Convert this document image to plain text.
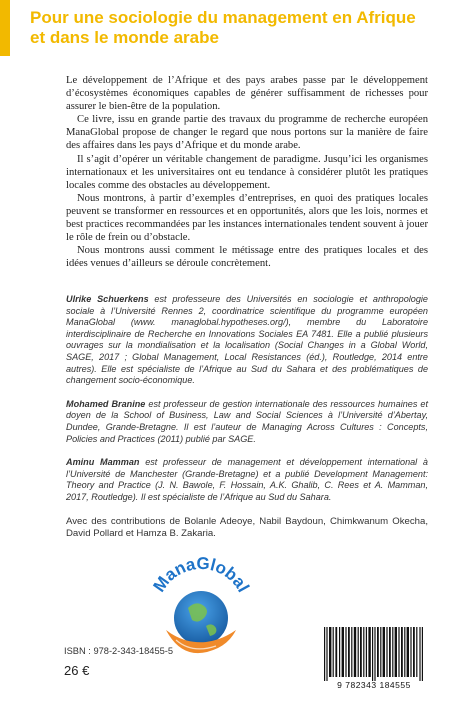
Pour une sociologie du management en Afrique et dans le monde arabe

Le développement de l’Afrique et des pays arabes passe par le développement d’écosystèmes économiques capables de générer suffisamment de richesses pour assurer le bien-être de la population.

Ce livre, issu en grande partie des travaux du programme de recherche européen ManaGlobal propose de changer le regard que nous portons sur la manière de faire des affaires dans les pays d’Afrique et du monde arabe.

Il s’agit d’opérer un véritable changement de paradigme. Jusqu’ici les organismes internationaux et les universitaires ont eu tendance à considérer plutôt les pratiques locales comme des obstacles au développement.

Nous montrons, à partir d’exemples d’entreprises, en quoi des pratiques locales peuvent se transformer en ressources et en opportunités, alors que les lois, normes et best practices recommandées par les instances internationales tendent souvent à jouer le rôle de frein ou d’obstacle.

Nous montrons aussi comment le métissage entre des pratiques locales et des idées venues d’ailleurs se déroule concrètement.

Ulrike Schuerkens est professeure des Universités en sociologie et anthropologie sociale à l’Université Rennes 2, coordinatrice scientifique du programme européen ManaGlobal (www. managlobal.hypotheses.org/), membre du Laboratoire interdisciplinaire de Recherche en Innovations Sociales EA 7481. Elle a publié plusieurs ouvrages sur la mondialisation et la localisation (Social Changes in a Global World, SAGE, 2017 ; Global Management, Local Resistances (éd.), Routledge, 2014 entre autres). Elle est spécialiste de l’Afrique au Sud du Sahara et des problématiques de changement socio-économique.

Mohamed Branine est professeur de gestion internationale des ressources humaines et doyen de la School of Business, Law and Social Sciences à l’Université d’Abertay, Dundee, Grande-Bretagne. Il est l’auteur de Managing Across Cultures : Concepts, Policies and Practices (2011) publié par SAGE.

Aminu Mamman est professeur de management et développement international à l’Université de Manchester (Grande-Bretagne) et a publié Development Management: Theory and Practice (J. N. Bawole, F. Hossain, A.K. Ghalib, C. Rees et A. Mamman, 2017, Routledge). Il est spécialiste de l’Afrique au Sud du Sahara.

Avec des contributions de Bolanle Adeoye, Nabil Baydoun, Chimkwanum Okecha, David Pollard et Hamza B. Zakaria.

ManaGlobal
ISBN : 978-2-343-18455-5
26 €
9 782343 184555
